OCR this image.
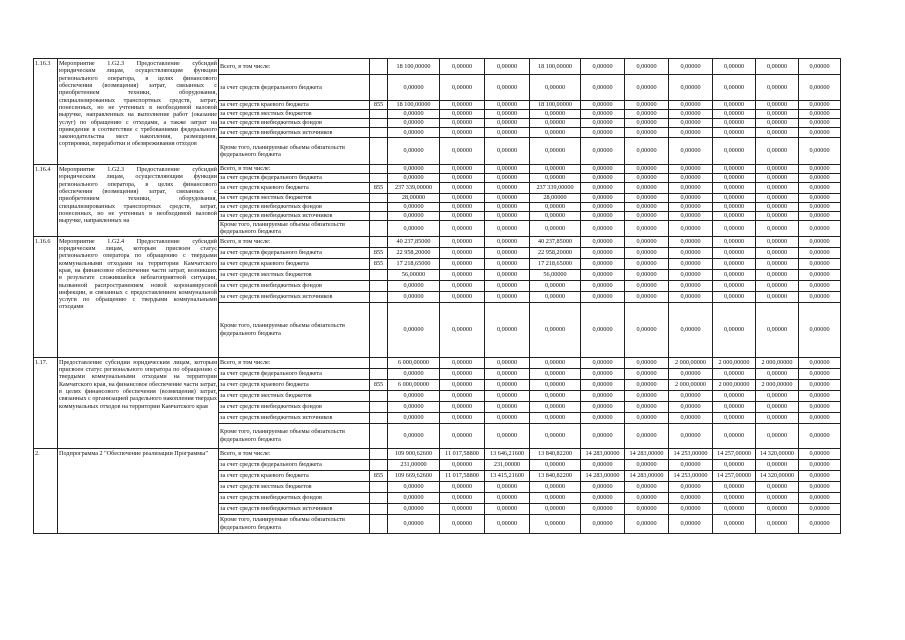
1.16.3	Мероприятие 1.G2.3 Предоставление субсидий юридическим лицам, осуществляющим функции регионального оператора, в целях финансового обеспечения (возмещения) затрат, связанных с приобретением техники, оборудования, специализированных транспортных средств, затрат, понесенных, но не учтенных в необходимой валовой выручке, направленных на выполнение работ (оказание услуг) по обращению с отходами, а также затрат на приведение в соответствие с требованиями федерального законодательства мест накопления, размещения, сортировки, переработки и обезвреживания отходов	Всего, в том числе:		18 100,00000	0,00000	0,00000	18 100,00000	0,00000	0,00000	0,00000	0,00000	0,00000	0,00000
		за счет средств федерального бюджета		0,00000	0,00000	0,00000	0,00000	0,00000	0,00000	0,00000	0,00000	0,00000	0,00000
		за счет средств краевого бюджета	855	18 100,00000	0,00000	0,00000	18 100,00000	0,00000	0,00000	0,00000	0,00000	0,00000	0,00000
		за счет средств местных бюджетов		0,00000	0,00000	0,00000	0,00000	0,00000	0,00000	0,00000	0,00000	0,00000	0,00000
		за счет средств внебюджетных фондов		0,00000	0,00000	0,00000	0,00000	0,00000	0,00000	0,00000	0,00000	0,00000	0,00000
		за счет средств внебюджетных источников		0,00000	0,00000	0,00000	0,00000	0,00000	0,00000	0,00000	0,00000	0,00000	0,00000
		Кроме того, планируемые объемы обязательств федерального бюджета		0,00000	0,00000	0,00000	0,00000	0,00000	0,00000	0,00000	0,00000	0,00000	0,00000
1.16.4	Мероприятие 1.G2.3 Предоставление субсидий юридическим лицам, осуществляющим функции регионального оператора, в целях финансового обеспечения (возмещения) затрат, связанных с приобретением техники, оборудования, специализированных транспортных средств, затрат, понесенных, но не учтенных в необходимой валовой выручке, направленных на	Всего, в том числе:		0,00000	0,00000	0,00000	0,00000	0,00000	0,00000	0,00000	0,00000	0,00000	0,00000
		за счет средств федерального бюджета		0,00000	0,00000	0,00000	0,00000	0,00000	0,00000	0,00000	0,00000	0,00000	0,00000
		за счет средств краевого бюджета	855	237 339,00000	0,00000	0,00000	237 339,00000	0,00000	0,00000	0,00000	0,00000	0,00000	0,00000
		за счет средств местных бюджетов		28,00000	0,00000	0,00000	28,00000	0,00000	0,00000	0,00000	0,00000	0,00000	0,00000
		за счет средств внебюджетных фондов		0,00000	0,00000	0,00000	0,00000	0,00000	0,00000	0,00000	0,00000	0,00000	0,00000
		за счет средств внебюджетных источников		0,00000	0,00000	0,00000	0,00000	0,00000	0,00000	0,00000	0,00000	0,00000	0,00000
		Кроме того, планируемые объемы обязательств федерального бюджета		0,00000	0,00000	0,00000	0,00000	0,00000	0,00000	0,00000	0,00000	0,00000	0,00000
1.16.6	Мероприятие 1.G2.4 Предоставление субсидий юридическим лицам, которым присвоен статус регионального оператора по обращению с твердыми коммунальными отходами на территории Камчатского края, на финансовое обеспечение части затрат, возникших в результате сложившейся неблагоприятной ситуации, вызванной распространением новой коронавирусной инфекции, и связанных с предоставлением коммунальной услуги по обращению с твердыми коммунальными отходами	Всего, в том числе:		40 237,85000	0,00000	0,00000	40 237,85000	0,00000	0,00000	0,00000	0,00000	0,00000	0,00000
		за счет средств федерального бюджета	855	22 958,20000	0,00000	0,00000	22 958,20000	0,00000	0,00000	0,00000	0,00000	0,00000	0,00000
		за счет средств краевого бюджета	855	17 218,65000	0,00000	0,00000	17 218,65000	0,00000	0,00000	0,00000	0,00000	0,00000	0,00000
		за счет средств местных бюджетов		56,00000	0,00000	0,00000	56,00000	0,00000	0,00000	0,00000	0,00000	0,00000	0,00000
		за счет средств внебюджетных фондов		0,00000	0,00000	0,00000	0,00000	0,00000	0,00000	0,00000	0,00000	0,00000	0,00000
		за счет средств внебюджетных источников		0,00000	0,00000	0,00000	0,00000	0,00000	0,00000	0,00000	0,00000	0,00000	0,00000
		Кроме того, планируемые объемы обязательств федерального бюджета		0,00000	0,00000	0,00000	0,00000	0,00000	0,00000	0,00000	0,00000	0,00000	0,00000
1.17.	Предоставление субсидии юридическим лицам, которым присвоен статус регионального оператора по обращению с твердыми коммунальными отходами на территории Камчатского края, на финансовое обеспечение части затрат, в целях финансового обеспечения (возмещения) затрат, связанных с организацией раздельного накопления твердых коммунальных отходов на территории Камчатского края	Всего, в том числе:		6 000,00000	0,00000	0,00000	0,00000	0,00000	0,00000	2 000,00000	2 000,00000	2 000,00000	0,00000
		за счет средств федерального бюджета		0,00000	0,00000	0,00000	0,00000	0,00000	0,00000	0,00000	0,00000	0,00000	0,00000
		за счет средств краевого бюджета	855	6 000,00000	0,00000	0,00000	0,00000	0,00000	0,00000	2 000,00000	2 000,00000	2 000,00000	0,00000
		за счет средств местных бюджетов		0,00000	0,00000	0,00000	0,00000	0,00000	0,00000	0,00000	0,00000	0,00000	0,00000
		за счет средств внебюджетных фондов		0,00000	0,00000	0,00000	0,00000	0,00000	0,00000	0,00000	0,00000	0,00000	0,00000
		за счет средств внебюджетных источников		0,00000	0,00000	0,00000	0,00000	0,00000	0,00000	0,00000	0,00000	0,00000	0,00000
		Кроме того, планируемые объемы обязательств федерального бюджета		0,00000	0,00000	0,00000	0,00000	0,00000	0,00000	0,00000	0,00000	0,00000	0,00000
2.	Подпрограмма 2 "Обеспечение реализации Программы"	Всего, в том числе:		109 900,62600	11 017,58800	13 646,21600	13 840,82200	14 283,00000	14 283,00000	14 253,00000	14 257,00000	14 320,00000	0,00000
		за счет средств федерального бюджета		231,00000	0,00000	231,00000	0,00000	0,00000	0,00000	0,00000	0,00000	0,00000	0,00000
		за счет средств краевого бюджета	855	109 669,62600	11 017,58800	13 415,21600	13 840,82200	14 283,00000	14 283,00000	14 253,00000	14 257,00000	14 320,00000	0,00000
		за счет средств местных бюджетов		0,00000	0,00000	0,00000	0,00000	0,00000	0,00000	0,00000	0,00000	0,00000	0,00000
		за счет средств внебюджетных фондов		0,00000	0,00000	0,00000	0,00000	0,00000	0,00000	0,00000	0,00000	0,00000	0,00000
		за счет средств внебюджетных источников		0,00000	0,00000	0,00000	0,00000	0,00000	0,00000	0,00000	0,00000	0,00000	0,00000
		Кроме того, планируемые объемы обязательств федерального бюджета		0,00000	0,00000	0,00000	0,00000	0,00000	0,00000	0,00000	0,00000	0,00000	0,00000
